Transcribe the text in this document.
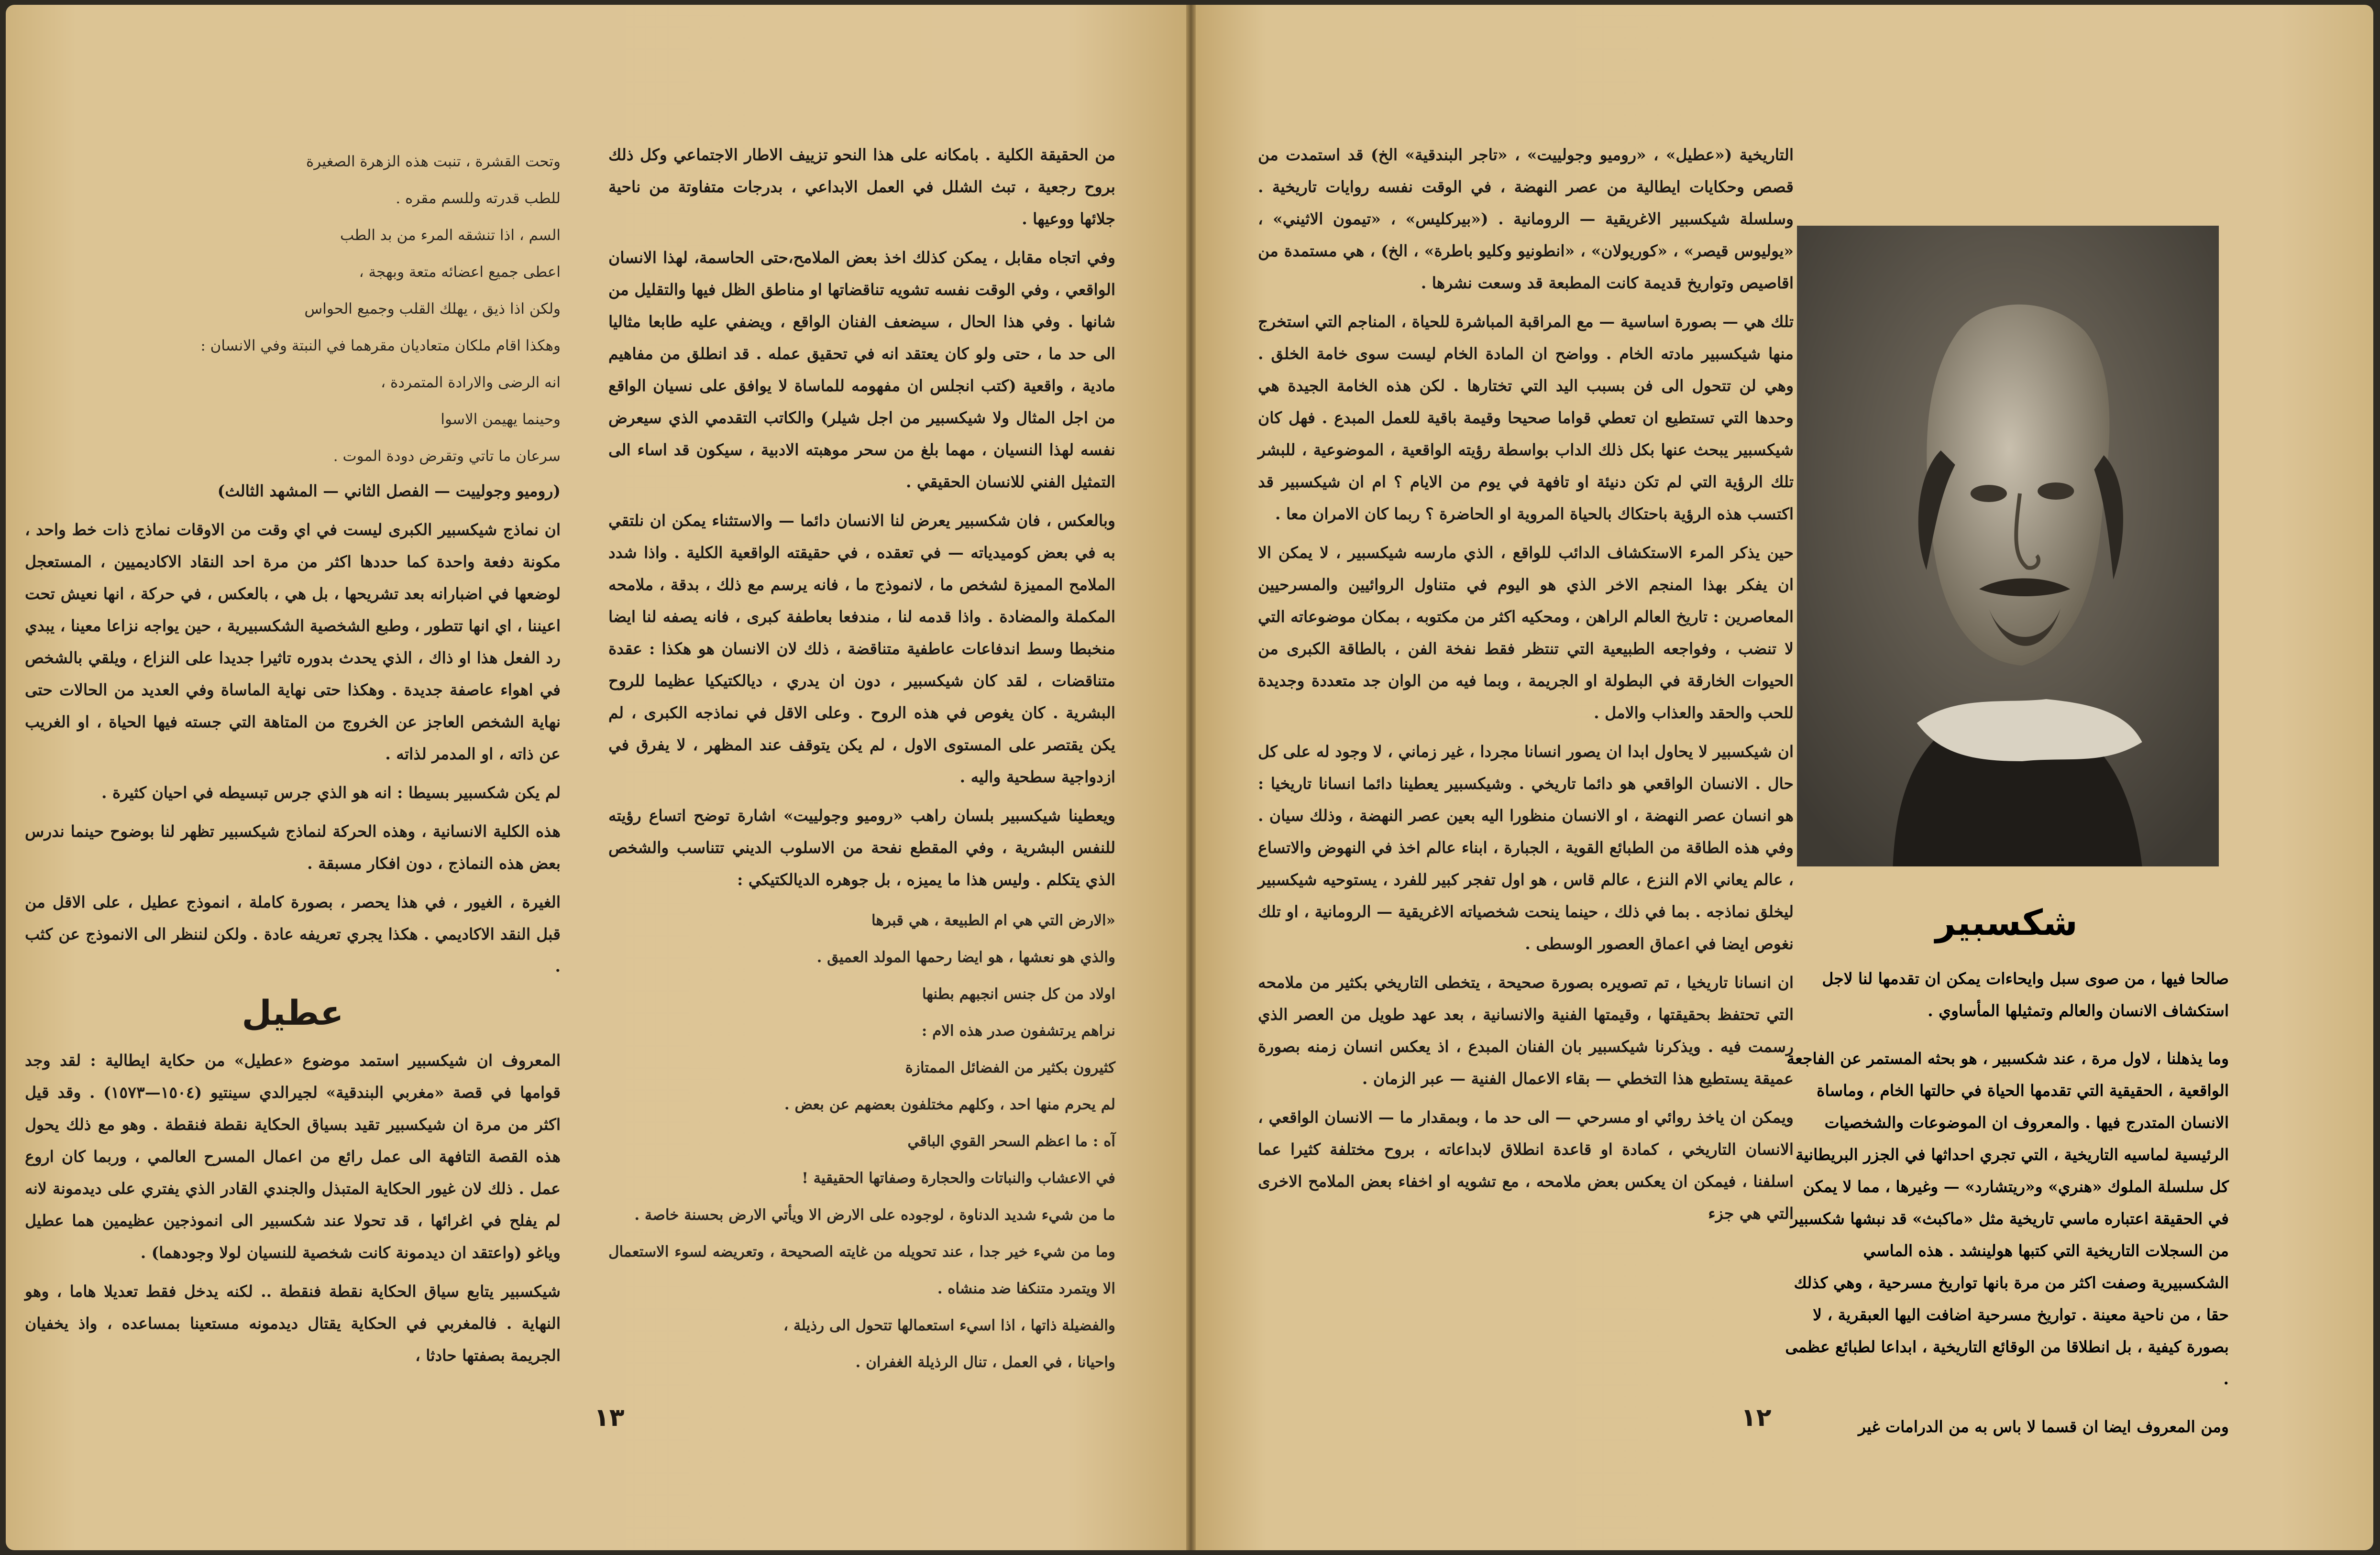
من الحقيقة الكلية . بامكانه على هذا النحو تزييف الاطار الاجتماعي وكل ذلك بروح رجعية ، تبث الشلل في العمل الابداعي ، بدرجات متفاوتة من ناحية جلائها ووعيها .

وفي اتجاه مقابل ، يمكن كذلك اخذ بعض الملامح،حتى الحاسمة، لهذا الانسان الواقعي ، وفي الوقت نفسه تشويه تناقضاتها او مناطق الظل فيها والتقليل من شانها . وفي هذا الحال ، سيضعف الفنان الواقع ، ويضفي عليه طابعا مثاليا الى حد ما ، حتى ولو كان يعتقد انه في تحقيق عمله . قد انطلق من مفاهيم مادية ، واقعية (كتب انجلس ان مفهومه للماساة لا يوافق على نسيان الواقع من اجل المثال ولا شيكسبير من اجل شيلر) والكاتب التقدمي الذي سيعرض نفسه لهذا النسيان ، مهما بلغ من سحر موهبته الادبية ، سيكون قد اساء الى التمثيل الفني للانسان الحقيقي .

وبالعكس ، فان شكسبير يعرض لنا الانسان دائما — والاستثناء يمكن ان نلتقي به في بعض كوميدياته — في تعقده ، في حقيقته الواقعية الكلية . واذا شدد الملامح المميزة لشخص ما ، لانموذج ما ، فانه يرسم مع ذلك ، بدقة ، ملامحه المكملة والمضادة . واذا قدمه لنا ، مندفعا بعاطفة كبرى ، فانه يصفه لنا ايضا منخبطا وسط اندفاعات عاطفية متناقضة ، ذلك لان الانسان هو هكذا : عقدة متناقضات ، لقد كان شيكسبير ، دون ان يدري ، ديالكتيكيا عظيما للروح البشرية . كان يغوص في هذه الروح . وعلى الاقل في نماذجه الكبرى ، لم يكن يقتصر على المستوى الاول ، لم يكن يتوقف عند المظهر ، لا يفرق في ازدواجية سطحية واليه .

ويعطينا شيكسبير بلسان راهب «روميو وجولييت» اشارة توضح اتساع رؤيته للنفس البشرية ، وفي المقطع نفحة من الاسلوب الديني تتناسب والشخص الذي يتكلم . وليس هذا ما يميزه ، بل جوهره الديالكتيكي :

«الارض التي هي ام الطبيعة ، هي قبرها

والذي هو نعشها ، هو ايضا رحمها المولد العميق .

اولاد من كل جنس انجبهم بطنها

نراهم يرتشفون صدر هذه الام :

كثيرون بكثير من الفضائل الممتازة

لم يحرم منها احد ، وكلهم مختلفون بعضهم عن بعض .

آه : ما اعظم السحر القوي الباقي

في الاعشاب والنباتات والحجارة وصفاتها الحقيقية !

ما من شيء شديد الدناوة ، لوجوده على الارض الا ويأتي الارض بحسنة خاصة .

وما من شيء خير جدا ، عند تحويله من غايته الصحيحة ، وتعريضه لسوء الاستعمال الا ويتمرد متنكفا ضد منشاه .

والفضيلة ذاتها ، اذا اسيء استعمالها تتحول الى رذيلة ،

واحيانا ، في العمل ، تنال الرذيلة الغفران .

وتحت القشرة ، تنبت هذه الزهرة الصغيرة

للطب قدرته وللسم مقره .

السم ، اذا تنشقه المرء من بد الطب

اعطى جميع اعضائه متعة وبهجة ،

ولكن اذا ذيق ، يهلك القلب وجميع الحواس

وهكذا اقام ملكان متعاديان مقرهما في النبتة وفي الانسان :

انه الرضى والارادة المتمردة ،

وحينما يهيمن الاسوا

سرعان ما تاتي وتقرض دودة الموت .

(روميو وجولييت — الفصل الثاني — المشهد الثالث)

ان نماذج شيكسبير الكبرى ليست في اي وقت من الاوقات نماذج ذات خط واحد ، مكونة دفعة واحدة كما حددها اكثر من مرة احد النقاد الاكاديميين ، المستعجل لوضعها في اضبارانه بعد تشريحها ، بل هي ، بالعكس ، في حركة ، انها نعيش تحت اعيننا ، اي انها تتطور ، وطبع الشخصية الشكسبيرية ، حين يواجه نزاعا معينا ، يبدي رد الفعل هذا او ذاك ، الذي يحدث بدوره تاثيرا جديدا على النزاع ، ويلقي بالشخص في اهواء عاصفة جديدة . وهكذا حتى نهاية الماساة وفي العديد من الحالات حتى نهاية الشخص العاجز عن الخروج من المتاهة التي جسته فيها الحياة ، او الغريب عن ذاته ، او المدمر لذاته .

لم يكن شكسبير بسيطا : انه هو الذي جرس تبسيطه في احيان كثيرة .

هذه الكلية الانسانية ، وهذه الحركة لنماذج شيكسبير تظهر لنا بوضوح حينما ندرس بعض هذه النماذج ، دون افكار مسبقة .

الغيرة ، الغيور ، في هذا يحصر ، بصورة كاملة ، انموذج عطيل ، على الاقل من قبل النقد الاكاديمي . هكذا يجري تعريفه عادة . ولكن لننظر الى الانموذج عن كثب .

عطيل

المعروف ان شيكسبير استمد موضوع «عطيل» من حكاية ايطالية : لقد وجد قوامها في قصة «مغربي البندقية» لجيرالدي سينتيو (١٥٠٤—١٥٧٣) . وقد قيل اكثر من مرة ان شيكسبير تقيد بسياق الحكاية نقطة فنقطة . وهو مع ذلك يحول هذه القصة التافهة الى عمل رائع من اعمال المسرح العالمي ، وربما كان اروع عمل . ذلك لان غيور الحكاية المتبذل والجندي القادر الذي يفتري على ديدمونة لانه لم يفلح في اغرائها ، قد تحولا عند شكسبير الى انموذجين عظيمين هما عطيل وياغو (واعتقد ان ديدمونة كانت شخصية للنسيان لولا وجودهما) .

شيكسبير يتابع سياق الحكاية نقطة فنقطة .. لكنه يدخل فقط تعديلا هاما ، وهو النهاية . فالمغربي في الحكاية يقتال ديدمونه مستعينا بمساعده ، واذ يخفيان الجريمة بصفتها حادثا ،

١٣

التاريخية («عطيل» ، «روميو وجولييت» ، «تاجر البندقية» الخ) قد استمدت من قصص وحكايات ايطالية من عصر النهضة ، في الوقت نفسه روايات تاريخية . وسلسلة شيكسبير الاغريقية — الرومانية . («بيركليس» ، «تيمون الاثيني» ، «يوليوس قيصر» ، «كوريولان» ، «انطونيو وكليو باطرة» ، الخ) ، هي مستمدة من اقاصيص وتواريخ قديمة كانت المطبعة قد وسعت نشرها .

تلك هي — بصورة اساسية — مع المراقبة المباشرة للحياة ، المناجم التي استخرج منها شيكسبير مادته الخام . وواضح ان المادة الخام ليست سوى خامة الخلق . وهي لن تتحول الى فن بسبب اليد التي تختارها . لكن هذه الخامة الجيدة هي وحدها التي تستطيع ان تعطي قواما صحيحا وقيمة باقية للعمل المبدع . فهل كان شيكسبير يبحث عنها بكل ذلك الداب بواسطة رؤيته الواقعية ، الموضوعية ، للبشر تلك الرؤية التي لم تكن دنيئة او تافهة في يوم من الايام ؟ ام ان شيكسبير قد اكتسب هذه الرؤية باحتكاك بالحياة المروية او الحاضرة ؟ ربما كان الامران معا .

حين يذكر المرء الاستكشاف الدائب للواقع ، الذي مارسه شيكسبير ، لا يمكن الا ان يفكر بهذا المنجم الاخر الذي هو اليوم في متناول الروائيين والمسرحيين المعاصرين : تاريخ العالم الراهن ، ومحكيه اكثر من مكتوبه ، بمكان موضوعاته التي لا تنضب ، وفواجعه الطبيعية التي تنتظر فقط نفخة الفن ، بالطاقة الكبرى من الحيوات الخارقة في البطولة او الجريمة ، وبما فيه من الوان جد متعددة وجديدة للحب والحقد والعذاب والامل .

ان شيكسبير لا يحاول ابدا ان يصور انسانا مجردا ، غير زماني ، لا وجود له على كل حال . الانسان الواقعي هو دائما تاريخي . وشيكسبير يعطينا دائما انسانا تاريخيا : هو انسان عصر النهضة ، او الانسان منظورا اليه بعين عصر النهضة ، وذلك سيان . وفي هذه الطاقة من الطبائع القوية ، الجبارة ، ابناء عالم اخذ في النهوض والاتساع ، عالم يعاني الام النزع ، عالم قاس ، هو اول تفجر كبير للفرد ، يستوحيه شيكسبير ليخلق نماذجه . بما في ذلك ، حينما ينحت شخصياته الاغريقية — الرومانية ، او تلك نغوص ايضا في اعماق العصور الوسطى .

ان انسانا تاريخيا ، تم تصويره بصورة صحيحة ، يتخطى التاريخي بكثير من ملامحه التي تحتفظ بحقيقتها ، وقيمتها الفنية والانسانية ، بعد عهد طويل من العصر الذي رسمت فيه . ويذكرنا شيكسبير بان الفنان المبدع ، اذ يعكس انسان زمنه بصورة عميقة يستطيع هذا التخطي — بقاء الاعمال الفنية — عبر الزمان .

ويمكن ان ياخذ روائي او مسرحي — الى حد ما ، وبمقدار ما — الانسان الواقعي ، الانسان التاريخي ، كمادة او قاعدة انطلاق لابداعاته ، بروح مختلفة كثيرا عما اسلفنا ، فيمكن ان يعكس بعض ملامحه ، مع تشويه او اخفاء بعض الملامح الاخرى التي هي جزء

شكسبير

صالحا فيها ، من صوى سبل وايحاءات يمكن ان تقدمها لنا لاجل استكشاف الانسان والعالم وتمثيلها المأساوي .

وما يذهلنا ، لاول مرة ، عند شكسبير ، هو بحثه المستمر عن الفاجعة الواقعية ، الحقيقية التي تقدمها الحياة في حالتها الخام ، وماساة الانسان المتدرج فيها . والمعروف ان الموضوعات والشخصيات الرئيسية لماسيه التاريخية ، التي تجري احداثها في الجزر البريطانية كل سلسلة الملوك «هنري» و«ريتشارد» — وغيرها ، مما لا يمكن في الحقيقة اعتباره ماسي تاريخية مثل «ماكبث» قد نبشها شكسبير من السجلات التاريخية التي كتبها هولينشد . هذه الماسي الشكسبيرية وصفت اكثر من مرة بانها تواريخ مسرحية ، وهي كذلك حقا ، من ناحية معينة . تواريخ مسرحية اضافت اليها العبقرية ، لا بصورة كيفية ، بل انطلاقا من الوقائع التاريخية ، ابداعا لطبائع عظمى .

ومن المعروف ايضا ان قسما لا باس به من الدرامات غير

١٢
